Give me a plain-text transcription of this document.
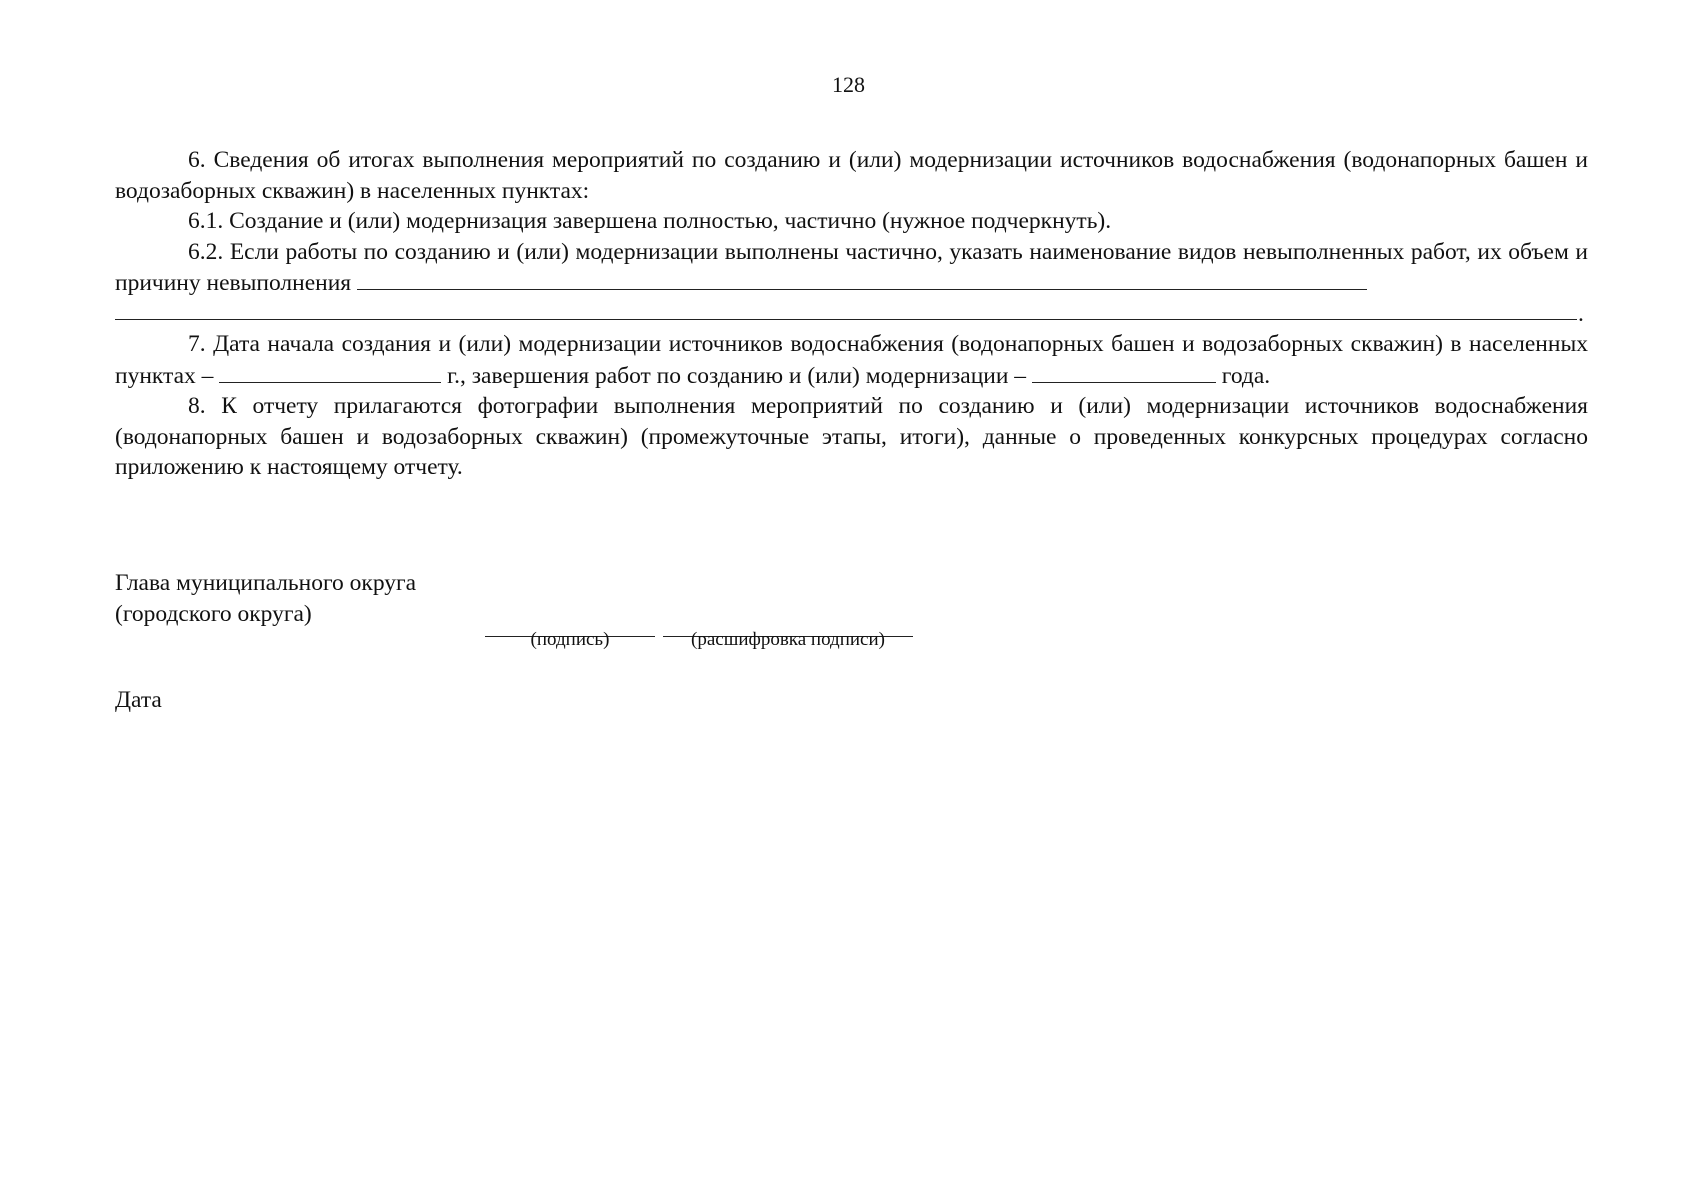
128

6. Сведения об итогах выполнения мероприятий по созданию и (или) модернизации источников водоснабжения (водонапорных башен и водозаборных скважин) в населенных пунктах:

6.1. Создание и (или) модернизация завершена полностью, частично (нужное подчеркнуть).

6.2. Если работы по созданию и (или) модернизации выполнены частично, указать наименование видов невыполненных работ, их объем и причину невыполнения

.

7. Дата начала создания и (или) модернизации источников водоснабжения (водонапорных башен и водозаборных скважин) в населенных пунктах –	г., завершения работ по созданию и (или) модернизации –	года.

8. К отчету прилагаются фотографии выполнения мероприятий по созданию и (или) модернизации источников водоснабжения (водонапорных башен и водозаборных скважин) (промежуточные этапы, итоги), данные о проведенных конкурсных процедурах согласно приложению к настоящему отчету.

Глава муниципального округа
(городского округа)
(подпись)	(расшифровка подписи)
Дата
